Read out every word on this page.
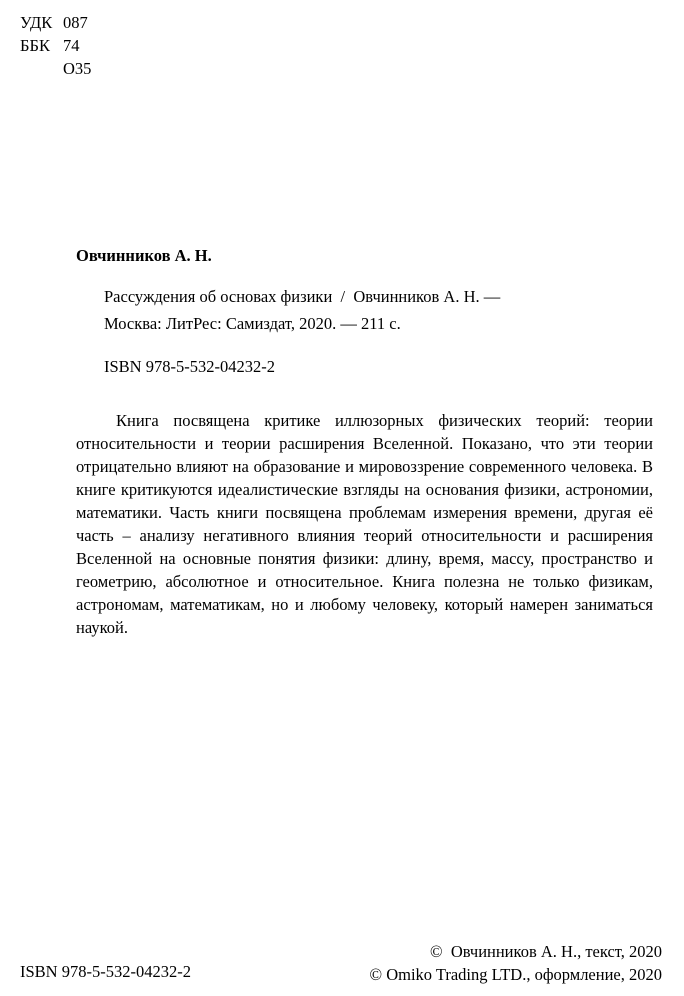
УДК 087
ББК 74
О35
Овчинников А. Н.
Рассуждения об основах физики  /  Овчинников А. Н. —
Москва: ЛитРес: Самиздат, 2020. — 211 с.
ISBN 978-5-532-04232-2

Книга посвящена критике иллюзорных физических теорий: теории относительности и теории расширения Вселенной. Показано, что эти теории отрицательно влияют на образование и мировоззрение современного человека. В книге критикуются идеалистические взгляды на основания физики, астрономии, математики. Часть книги посвящена проблемам измерения времени, другая её часть – анализу негативного влияния теорий относительности и расширения Вселенной на основные понятия физики: длину, время, массу, пространство и геометрию, абсолютное и относительное. Книга полезна не только физикам, астрономам, математикам, но и любому человеку, который намерен заниматься наукой.

ISBN 978-5-532-04232-2
©  Овчинников А. Н., текст, 2020
© Omiko Trading LTD., оформление, 2020
